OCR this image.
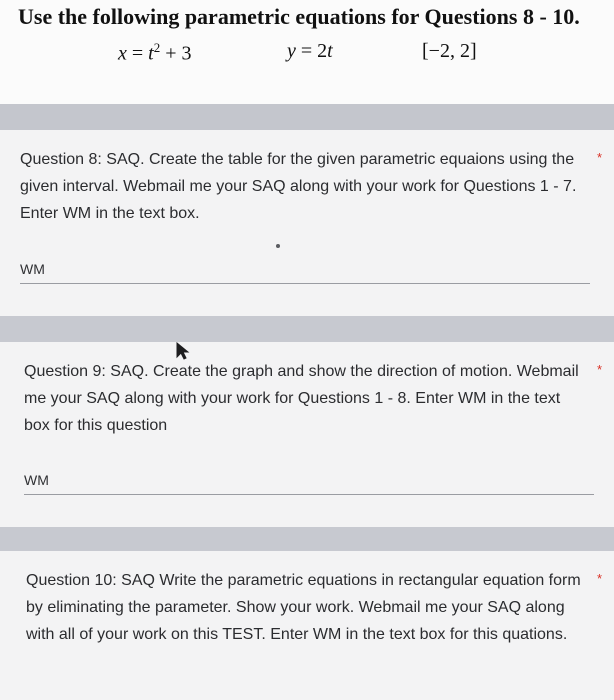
Use the following parametric equations for Questions 8 - 10.
$x = t^2 + 3$	y = 2t	[−2, 2]
Question 8: SAQ. Create the table for the given parametric equaions using the given interval. Webmail me your SAQ along with your work for Questions 1 - 7. Enter WM in the text box.
*
WM
Question 9: SAQ. Create the graph and show the direction of motion. Webmail me your SAQ along with your work for Questions 1 - 8. Enter WM in the text box for this question
*
WM
Question 10: SAQ Write the parametric equations in rectangular equation form by eliminating the parameter. Show your work. Webmail me your SAQ along with all of your work on this TEST. Enter WM in the text box for this quations.
*
